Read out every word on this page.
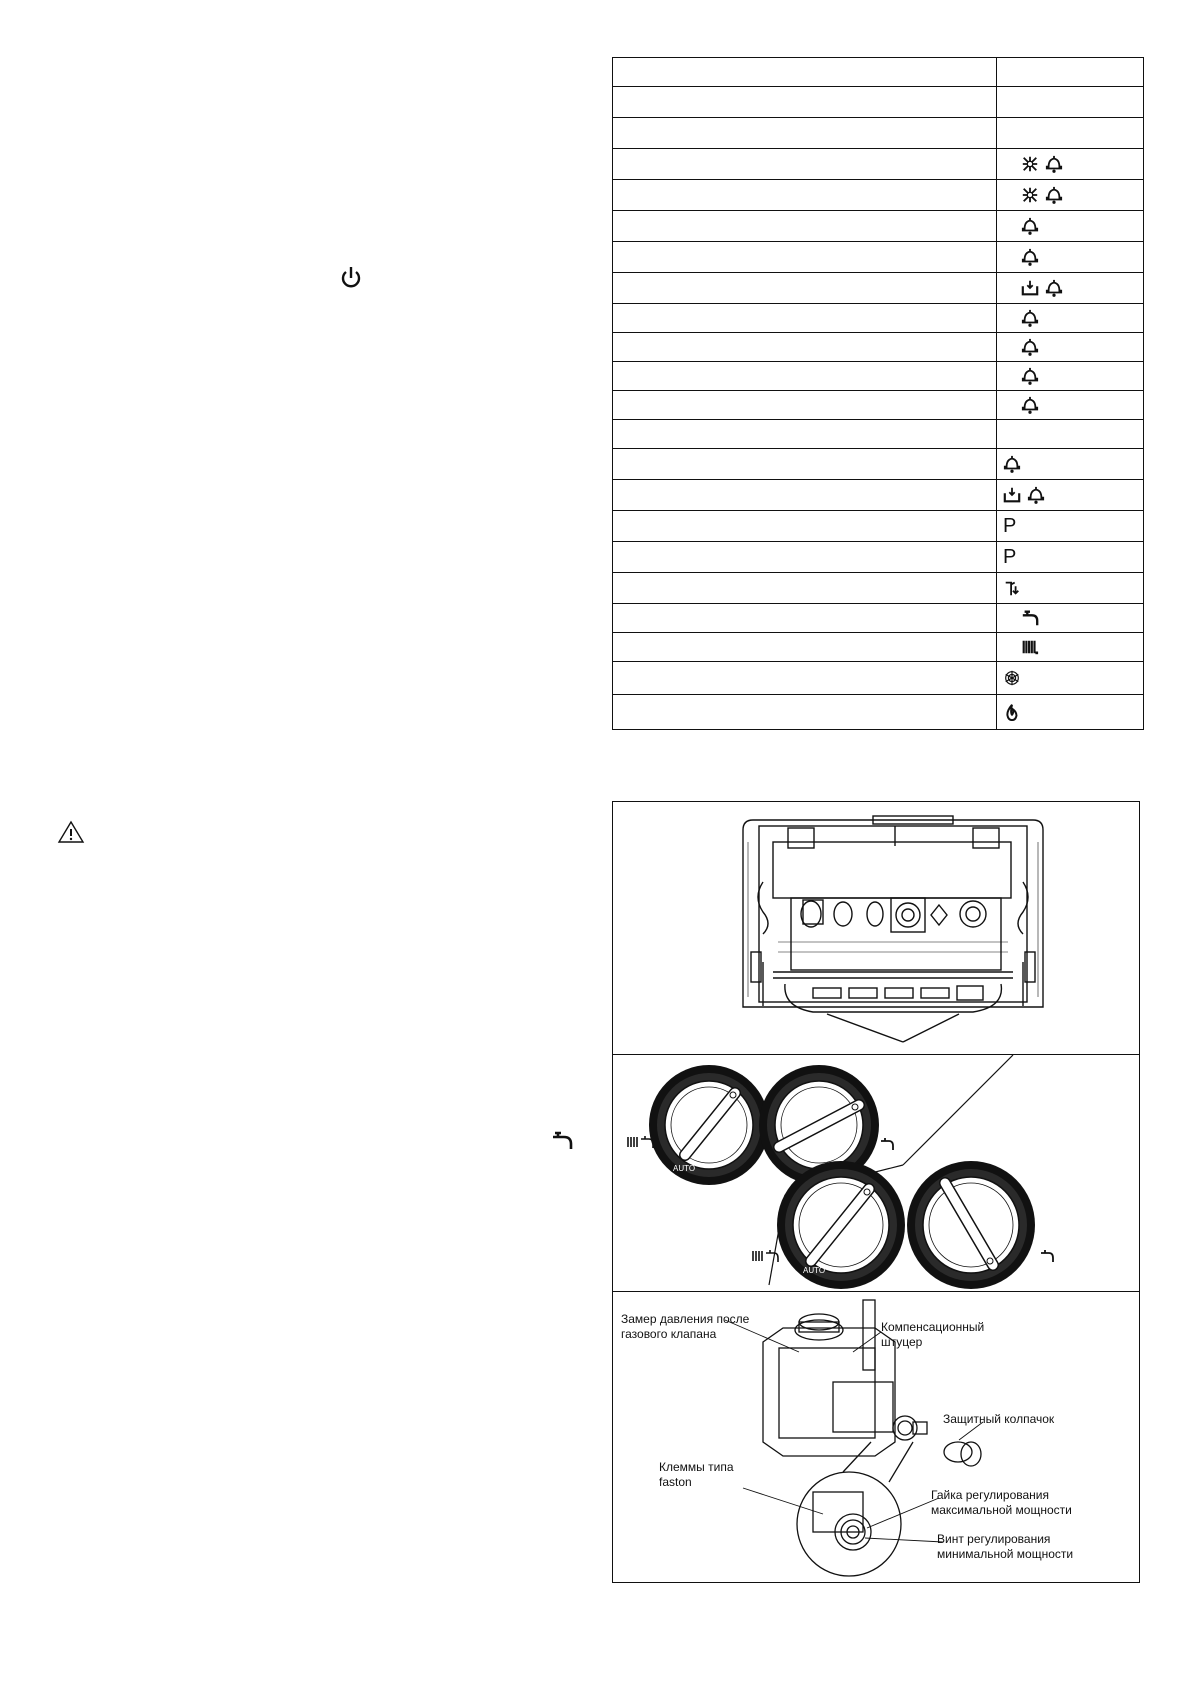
	P

	P

AUTO
AUTO
Замер давления после
газового клапана	Компенсационный
штуцер
Защитный колпачок
Клеммы типа
faston
Гайка регулирования
максимальной мощности
Винт регулирования
минимальной мощности
